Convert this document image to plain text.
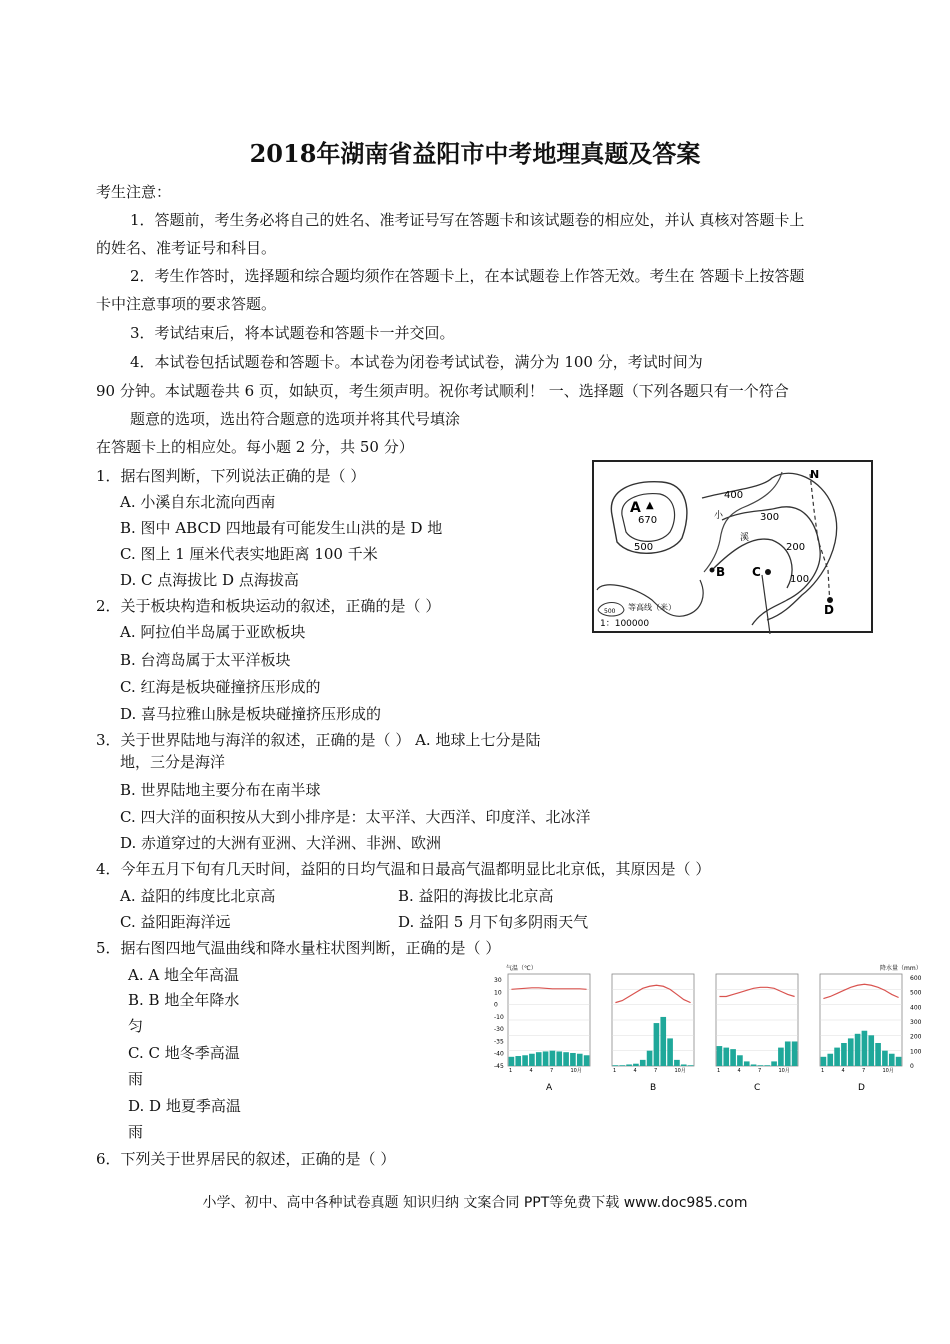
2018年湖南省益阳市中考地理真题及答案
考生注意：
1．答题前，考生务必将自己的姓名、准考证号写在答题卡和该试题卷的相应处，并认 真核对答题卡上
的姓名、准考证号和科目。
2．考生作答时，选择题和综合题均须作在答题卡上，在本试题卷上作答无效。考生在 答题卡上按答题
卡中注意事项的要求答题。
3．考试结束后，将本试题卷和答题卡一并交回。
4．本试卷包括试题卷和答题卡。本试卷为闭卷考试试卷，满分为 100 分，考试时间为
90 分钟。本试题卷共 6 页，如缺页，考生须声明。祝你考试顺利！ 一、选择题（下列各题只有一个符合
题意的选项，选出符合题意的选项并将其代号填涂
在答题卡上的相应处。每小题 2 分，共 50 分）
1．据右图判断，下列说法正确的是（ ）
A. 小溪自东北流向西南
B. 图中 ABCD 四地最有可能发生山洪的是 D 地
C. 图上 1 厘米代表实地距离 100 千米
D. C 点海拔比 D 点海拔高
2．关于板块构造和板块运动的叙述，正确的是（ ）
A. 阿拉伯半岛属于亚欧板块
B. 台湾岛属于太平洋板块
C. 红海是板块碰撞挤压形成的
D. 喜马拉雅山脉是板块碰撞挤压形成的
3．关于世界陆地与海洋的叙述，正确的是（ ） A. 地球上七分是陆
地，三分是海洋
B. 世界陆地主要分布在南半球
C. 四大洋的面积按从大到小排序是：太平洋、大西洋、印度洋、北冰洋
D. 赤道穿过的大洲有亚洲、大洋洲、非洲、欧洲
4．今年五月下旬有几天时间，益阳的日均气温和日最高气温都明显比北京低，其原因是（ ）
A. 益阳的纬度比北京高	B. 益阳的海拔比北京高
C. 益阳距海洋远	D. 益阳 5 月下旬多阴雨天气
5．据右图四地气温曲线和降水量柱状图判断，正确的是（ ）
A. A 地全年高温
B. B 地全年降水
匀
C. C 地冬季高温
雨
D. D 地夏季高温
雨
6．下列关于世界居民的叙述，正确的是（ ）
A ▲
670
500
400
300
200
100
N
小
溪
B C
D
500 等高线（米）
1：100000
气温（℃）	降水量（mm）
30
10
0
-10
-30
-35
-40
-45
600
500
400
300
200
100
0
1	4	7	10月
A
1	4	7	10月
B
1	4	7	10月
C
1	4	7	10月
D
小学、初中、高中各种试卷真题 知识归纳 文案合同 PPT等免费下载 www.doc985.com
